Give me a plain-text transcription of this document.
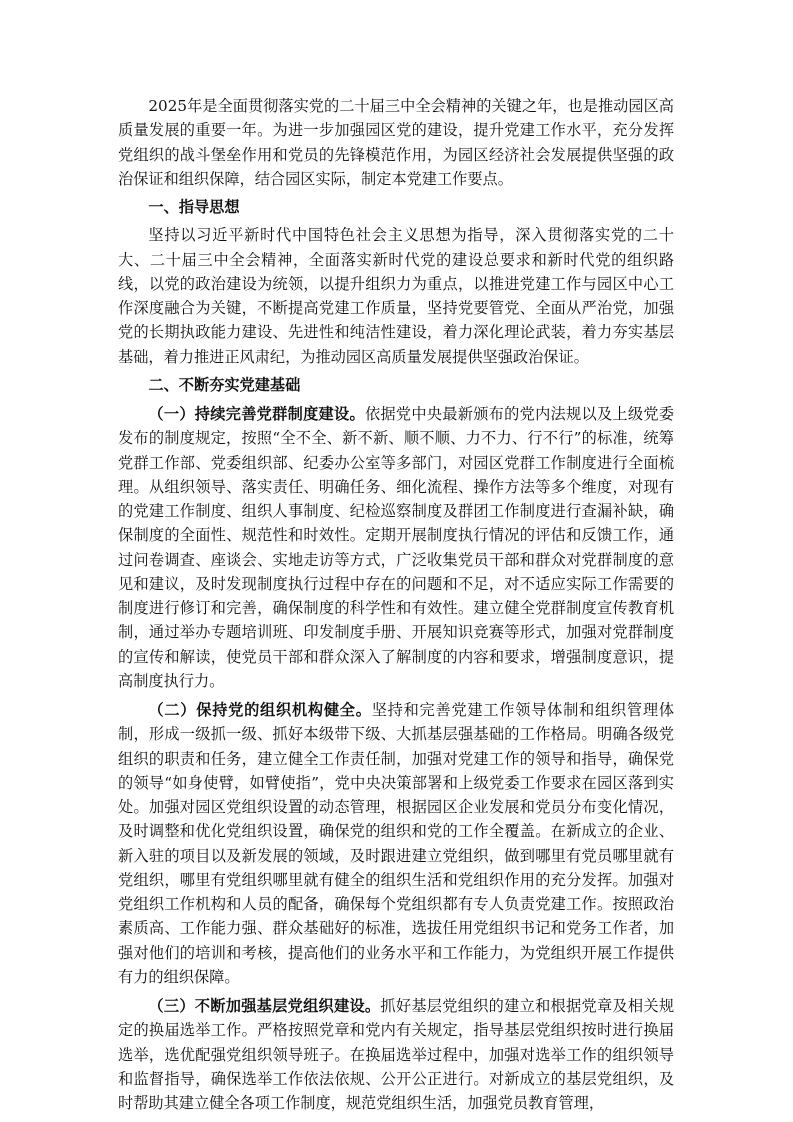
2025年是全面贯彻落实党的二十届三中全会精神的关键之年，也是推动园区高质量发展的重要一年。为进一步加强园区党的建设，提升党建工作水平，充分发挥党组织的战斗堡垒作用和党员的先锋模范作用，为园区经济社会发展提供坚强的政治保证和组织保障，结合园区实际，制定本党建工作要点。

一、指导思想

坚持以习近平新时代中国特色社会主义思想为指导，深入贯彻落实党的二十大、二十届三中全会精神，全面落实新时代党的建设总要求和新时代党的组织路线，以党的政治建设为统领，以提升组织力为重点，以推进党建工作与园区中心工作深度融合为关键，不断提高党建工作质量，坚持党要管党、全面从严治党，加强党的长期执政能力建设、先进性和纯洁性建设，着力深化理论武装，着力夯实基层基础，着力推进正风肃纪，为推动园区高质量发展提供坚强政治保证。

二、不断夯实党建基础

（一）持续完善党群制度建设。依据党中央最新颁布的党内法规以及上级党委发布的制度规定，按照“全不全、新不新、顺不顺、力不力、行不行”的标准，统筹党群工作部、党委组织部、纪委办公室等多部门，对园区党群工作制度进行全面梳理。从组织领导、落实责任、明确任务、细化流程、操作方法等多个维度，对现有的党建工作制度、组织人事制度、纪检巡察制度及群团工作制度进行查漏补缺，确保制度的全面性、规范性和时效性。定期开展制度执行情况的评估和反馈工作，通过问卷调查、座谈会、实地走访等方式，广泛收集党员干部和群众对党群制度的意见和建议，及时发现制度执行过程中存在的问题和不足，对不适应实际工作需要的制度进行修订和完善，确保制度的科学性和有效性。建立健全党群制度宣传教育机制，通过举办专题培训班、印发制度手册、开展知识竞赛等形式，加强对党群制度的宣传和解读，使党员干部和群众深入了解制度的内容和要求，增强制度意识，提高制度执行力。

（二）保持党的组织机构健全。坚持和完善党建工作领导体制和组织管理体制，形成一级抓一级、抓好本级带下级、大抓基层强基础的工作格局。明确各级党组织的职责和任务，建立健全工作责任制，加强对党建工作的领导和指导，确保党的领导“如身使臂，如臂使指”，党中央决策部署和上级党委工作要求在园区落到实处。加强对园区党组织设置的动态管理，根据园区企业发展和党员分布变化情况，及时调整和优化党组织设置，确保党的组织和党的工作全覆盖。在新成立的企业、新入驻的项目以及新发展的领域，及时跟进建立党组织，做到哪里有党员哪里就有党组织，哪里有党组织哪里就有健全的组织生活和党组织作用的充分发挥。加强对党组织工作机构和人员的配备，确保每个党组织都有专人负责党建工作。按照政治素质高、工作能力强、群众基础好的标准，选拔任用党组织书记和党务工作者，加强对他们的培训和考核，提高他们的业务水平和工作能力，为党组织开展工作提供有力的组织保障。

（三）不断加强基层党组织建设。抓好基层党组织的建立和根据党章及相关规定的换届选举工作。严格按照党章和党内有关规定，指导基层党组织按时进行换届选举，选优配强党组织领导班子。在换届选举过程中，加强对选举工作的组织领导和监督指导，确保选举工作依法依规、公开公正进行。对新成立的基层党组织，及时帮助其建立健全各项工作制度，规范党组织生活，加强党员教育管理，
